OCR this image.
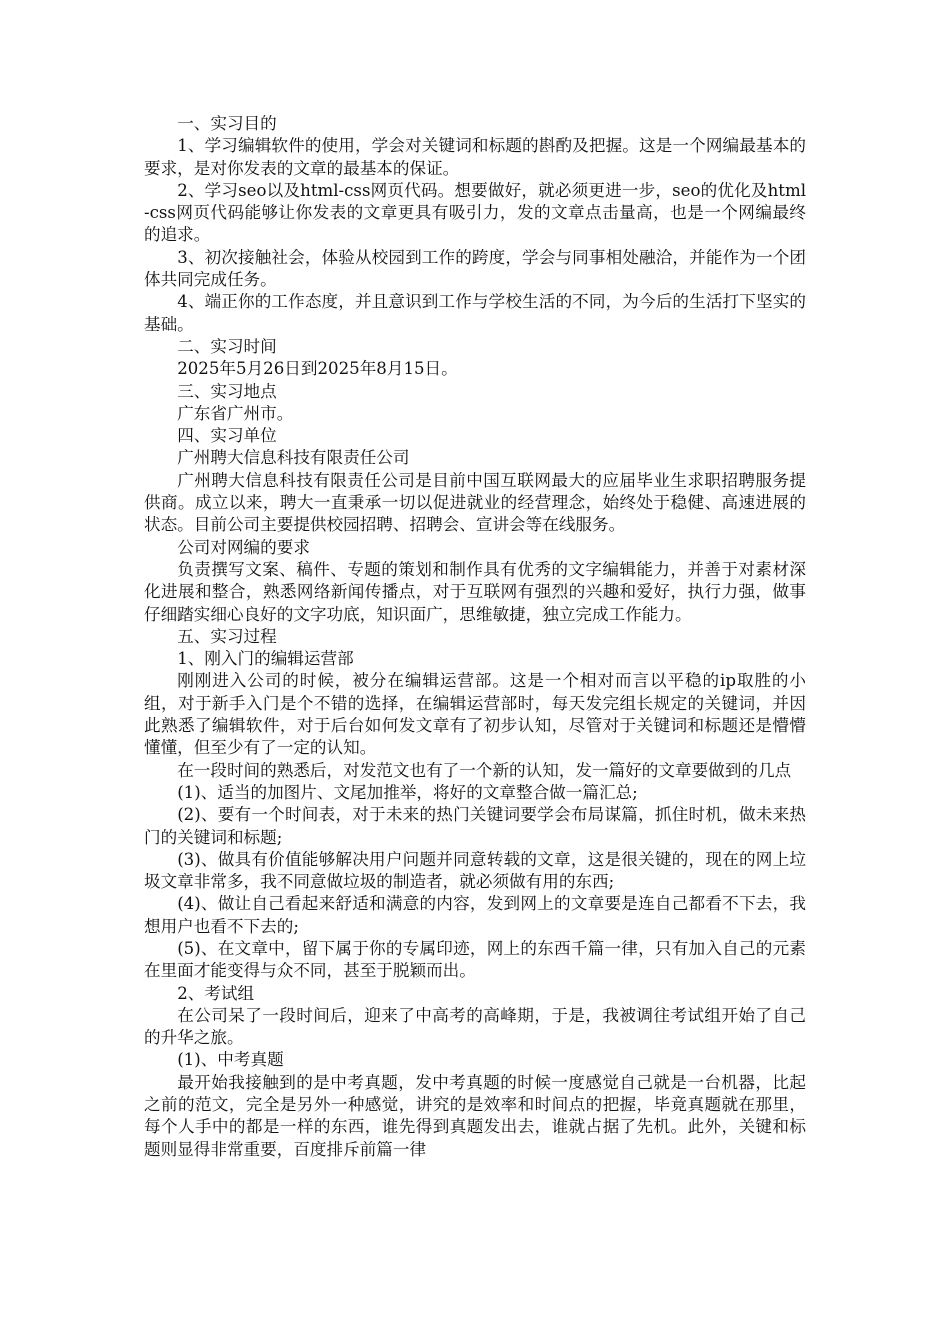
一、实习目的

1、学习编辑软件的使用，学会对关键词和标题的斟酌及把握。这是一个网编最基本的要求，是对你发表的文章的最基本的保证。

2、学习seo以及html-css网页代码。想要做好，就必须更进一步，seo的优化及html-css网页代码能够让你发表的文章更具有吸引力，发的文章点击量高，也是一个网编最终的追求。

3、初次接触社会，体验从校园到工作的跨度，学会与同事相处融洽，并能作为一个团体共同完成任务。

4、端正你的工作态度，并且意识到工作与学校生活的不同，为今后的生活打下坚实的基础。

二、实习时间

2025年5月26日到2025年8月15日。

三、实习地点

广东省广州市。

四、实习单位

广州聘大信息科技有限责任公司

广州聘大信息科技有限责任公司是目前中国互联网最大的应届毕业生求职招聘服务提供商。成立以来，聘大一直秉承一切以促进就业的经营理念，始终处于稳健、高速进展的状态。目前公司主要提供校园招聘、招聘会、宣讲会等在线服务。

公司对网编的要求

负责撰写文案、稿件、专题的策划和制作具有优秀的文字编辑能力，并善于对素材深化进展和整合，熟悉网络新闻传播点，对于互联网有强烈的兴趣和爱好，执行力强，做事仔细踏实细心良好的文字功底，知识面广，思维敏捷，独立完成工作能力。

五、实习过程

1、刚入门的编辑运营部

刚刚进入公司的时候，被分在编辑运营部。这是一个相对而言以平稳的ip取胜的小组，对于新手入门是个不错的选择，在编辑运营部时，每天发完组长规定的关键词，并因此熟悉了编辑软件，对于后台如何发文章有了初步认知，尽管对于关键词和标题还是懵懵懂懂，但至少有了一定的认知。

在一段时间的熟悉后，对发范文也有了一个新的认知，发一篇好的文章要做到的几点

(1)、适当的加图片、文尾加推举，将好的文章整合做一篇汇总;

(2)、要有一个时间表，对于未来的热门关键词要学会布局谋篇，抓住时机，做未来热门的关键词和标题;

(3)、做具有价值能够解决用户问题并同意转载的文章，这是很关键的，现在的网上垃圾文章非常多，我不同意做垃圾的制造者，就必须做有用的东西;

(4)、做让自己看起来舒适和满意的内容，发到网上的文章要是连自己都看不下去，我想用户也看不下去的;

(5)、在文章中，留下属于你的专属印迹，网上的东西千篇一律，只有加入自己的元素在里面才能变得与众不同，甚至于脱颖而出。

2、考试组

在公司呆了一段时间后，迎来了中高考的高峰期，于是，我被调往考试组开始了自己的升华之旅。

(1)、中考真题

最开始我接触到的是中考真题，发中考真题的时候一度感觉自己就是一台机器，比起之前的范文，完全是另外一种感觉，讲究的是效率和时间点的把握，毕竟真题就在那里，每个人手中的都是一样的东西，谁先得到真题发出去，谁就占据了先机。此外，关键和标题则显得非常重要，百度排斥前篇一律
